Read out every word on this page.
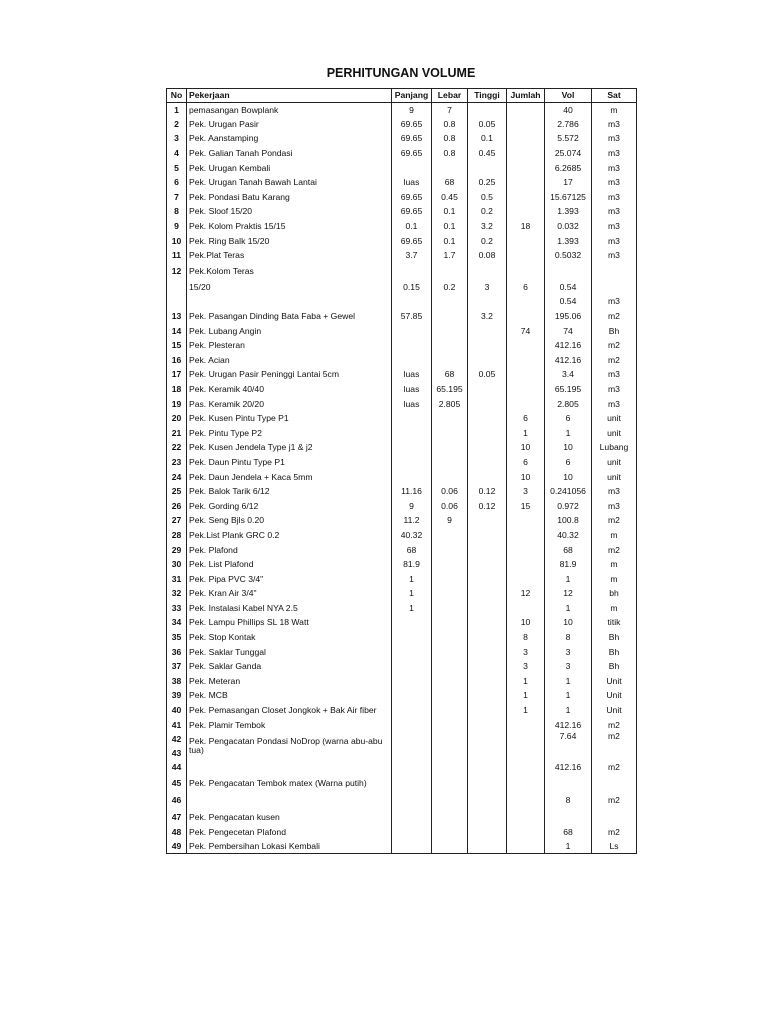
PERHITUNGAN VOLUME
No	Pekerjaan	Panjang	Lebar	Tinggi	Jumlah	Vol	Sat
1	pemasangan Bowplank	9	7			40	m
2	Pek. Urugan Pasir	69.65	0.8	0.05		2.786	m3
3	Pek. Aanstamping	69.65	0.8	0.1		5.572	m3
4	Pek. Galian Tanah Pondasi	69.65	0.8	0.45		25.074	m3
5	Pek. Urugan Kembali					6.2685	m3
6	Pek. Urugan Tanah Bawah Lantai	luas	68	0.25		17	m3
7	Pek. Pondasi Batu Karang	69.65	0.45	0.5		15.67125	m3
8	Pek. Sloof 15/20	69.65	0.1	0.2		1.393	m3
9	Pek. Kolom Praktis 15/15	0.1	0.1	3.2	18	0.032	m3
10	Pek. Ring Balk 15/20	69.65	0.1	0.2		1.393	m3
11	Pek.Plat Teras	3.7	1.7	0.08		0.5032	m3
12	Pek.Kolom Teras						
	15/20	0.15	0.2	3	6	0.54	
						0.54	m3
13	Pek. Pasangan Dinding Bata Faba + Gewel	57.85		3.2		195.06	m2
14	Pek. Lubang Angin				74	74	Bh
15	Pek. Plesteran					412.16	m2
16	Pek. Acian					412.16	m2
17	Pek. Urugan Pasir Peninggi Lantai 5cm	luas	68	0.05		3.4	m3
18	Pek. Keramik 40/40	luas	65.195			65.195	m3
19	Pas. Keramik 20/20	luas	2.805			2.805	m3
20	Pek. Kusen Pintu Type P1				6	6	unit
21	Pek. Pintu Type P2				1	1	unit
22	Pek. Kusen Jendela Type j1 & j2				10	10	Lubang
23	Pek. Daun Pintu Type P1				6	6	unit
24	Pek. Daun Jendela + Kaca 5mm				10	10	unit
25	Pek. Balok Tarik 6/12	11.16	0.06	0.12	3	0.241056	m3
26	Pek. Gording 6/12	9	0.06	0.12	15	0.972	m3
27	Pek. Seng Bjls 0.20	11.2	9			100.8	m2
28	Pek.List Plank GRC 0.2	40.32				40.32	m
29	Pek. Plafond	68				68	m2
30	Pek. List Plafond	81.9				81.9	m
31	Pek. Pipa PVC 3/4"	1				1	m
32	Pek. Kran Air 3/4"	1			12	12	bh
33	Pek. Instalasi Kabel NYA 2.5	1				1	m
34	Pek. Lampu Phillips SL 18 Watt				10	10	titik
35	Pek. Stop Kontak				8	8	Bh
36	Pek. Saklar Tunggal				3	3	Bh
37	Pek. Saklar Ganda				3	3	Bh
38	Pek. Meteran				1	1	Unit
39	Pek. MCB				1	1	Unit
40	Pek. Pemasangan Closet Jongkok + Bak Air fiber				1	1	Unit
41	Pek. Plamir Tembok					412.16	m2
42	Pek. Pengacatan Pondasi NoDrop (warna abu-abu tua)					7.64	m2
43							
44						412.16	m2
45	Pek. Pengacatan Tembok matex (Warna putih)						
46						8	m2
47	Pek. Pengacatan kusen						
48	Pek. Pengecetan Plafond					68	m2
49	Pek. Pembersihan Lokasi Kembali					1	Ls
